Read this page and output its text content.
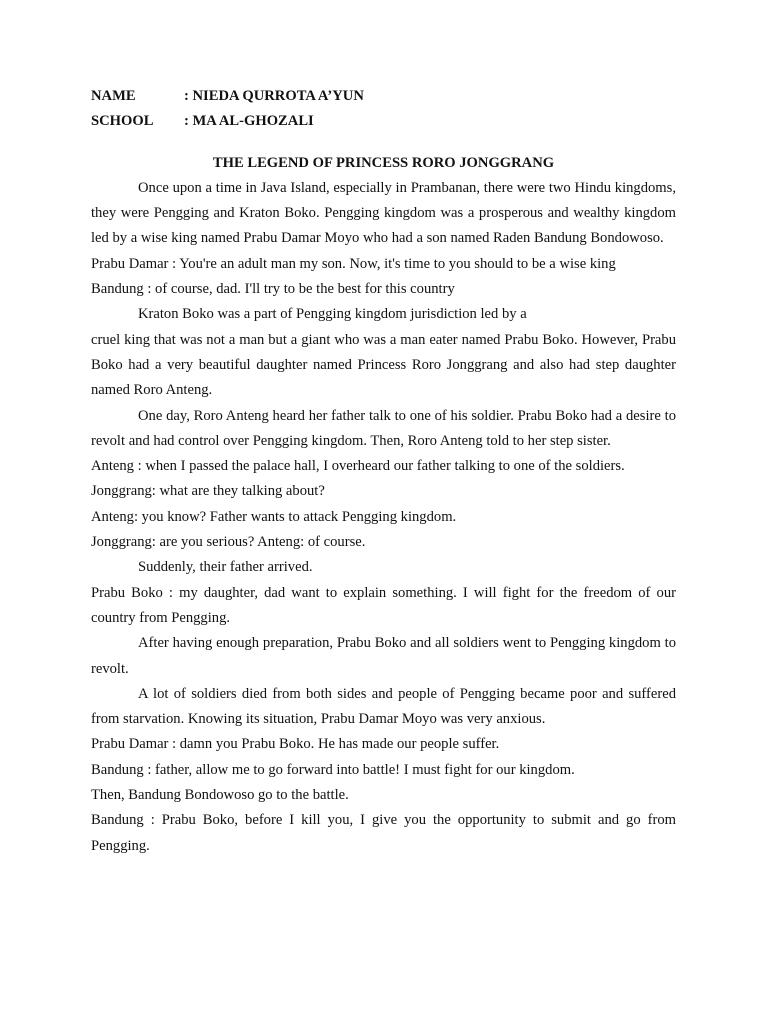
NAME	: NIEDA QURROTA A’YUN
SCHOOL : MA AL-GHOZALI
THE LEGEND OF PRINCESS RORO JONGGRANG

Once upon a time in Java Island, especially in Prambanan, there were two Hindu kingdoms, they were Pengging and Kraton Boko. Pengging kingdom was a prosperous and wealthy kingdom led by a wise king named Prabu Damar Moyo who had a son named Raden Bandung Bondowoso.

Prabu Damar : You're an adult man my son. Now, it's time to you should to be a wise king

Bandung : of course, dad. I'll try to be the best for this country

Kraton Boko was a part of Pengging kingdom jurisdiction led by a

cruel king that was not a man but a giant who was a man eater named Prabu Boko. However, Prabu Boko had a very beautiful daughter named Princess Roro Jonggrang and also had step daughter named Roro Anteng.

One day, Roro Anteng heard her father talk to one of his soldier. Prabu Boko had a desire to revolt and had control over Pengging kingdom. Then, Roro Anteng told to her step sister.

Anteng : when I passed the palace hall, I overheard our father talking to one of the soldiers.

Jonggrang: what are they talking about?

Anteng: you know? Father wants to attack Pengging kingdom.

Jonggrang: are you serious? Anteng: of course.

Suddenly, their father arrived.

Prabu Boko : my daughter, dad want to explain something. I will fight for the freedom of our country from Pengging.

After having enough preparation, Prabu Boko and all soldiers went to Pengging kingdom to revolt.

A lot of soldiers died from both sides and people of Pengging became poor and suffered from starvation. Knowing its situation, Prabu Damar Moyo was very anxious.

Prabu Damar : damn you Prabu Boko. He has made our people suffer.

Bandung : father, allow me to go forward into battle! I must fight for our kingdom.

Then, Bandung Bondowoso go to the battle.

Bandung : Prabu Boko, before I kill you, I give you the opportunity to submit and go from Pengging.
